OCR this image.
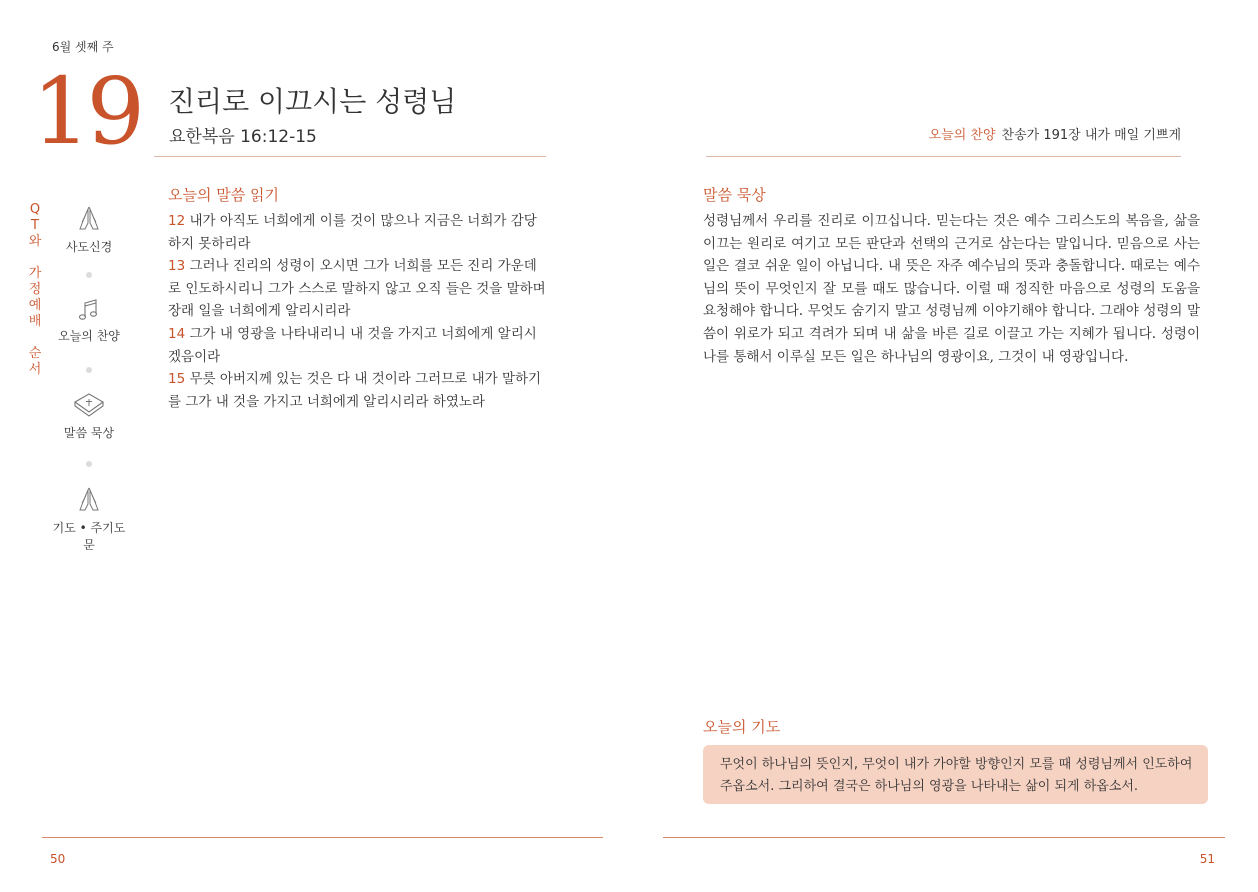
6월 셋째 주
19 진리로 이끄시는 성령님
요한복음 16:12-15	오늘의 찬양 찬송가 191장 내가 매일 기쁘게
Q
T
와
가
정
예
배
순
서
사도신경
오늘의 찬양
말씀 묵상
기도 • 주기도문
오늘의 말씀 읽기

12 내가 아직도 너희에게 이를 것이 많으나 지금은 너희가 감당하지 못하리라

13 그러나 진리의 성령이 오시면 그가 너희를 모든 진리 가운데로 인도하시리니 그가 스스로 말하지 않고 오직 들은 것을 말하며 장래 일을 너희에게 알리시리라

14 그가 내 영광을 나타내리니 내 것을 가지고 너희에게 알리시겠음이라

15 무릇 아버지께 있는 것은 다 내 것이라 그러므로 내가 말하기를 그가 내 것을 가지고 너희에게 알리시리라 하였노라

말씀 묵상
성령님께서 우리를 진리로 이끄십니다. 믿는다는 것은 예수 그리스도의 복음을, 삶을 이끄는 원리로 여기고 모든 판단과 선택의 근거로 삼는다는 말입니다. 믿음으로 사는 일은 결코 쉬운 일이 아닙니다. 내 뜻은 자주 예수님의 뜻과 충돌합니다. 때로는 예수님의 뜻이 무엇인지 잘 모를 때도 많습니다. 이럴 때 정직한 마음으로 성령의 도움을 요청해야 합니다. 무엇도 숨기지 말고 성령님께 이야기해야 합니다. 그래야 성령의 말씀이 위로가 되고 격려가 되며 내 삶을 바른 길로 이끌고 가는 지혜가 됩니다. 성령이 나를 통해서 이루실 모든 일은 하나님의 영광이요, 그것이 내 영광입니다.
오늘의 기도
무엇이 하나님의 뜻인지, 무엇이 내가 가야할 방향인지 모를 때 성령님께서 인도하여 주옵소서. 그리하여 결국은 하나님의 영광을 나타내는 삶이 되게 하옵소서.
50	51
